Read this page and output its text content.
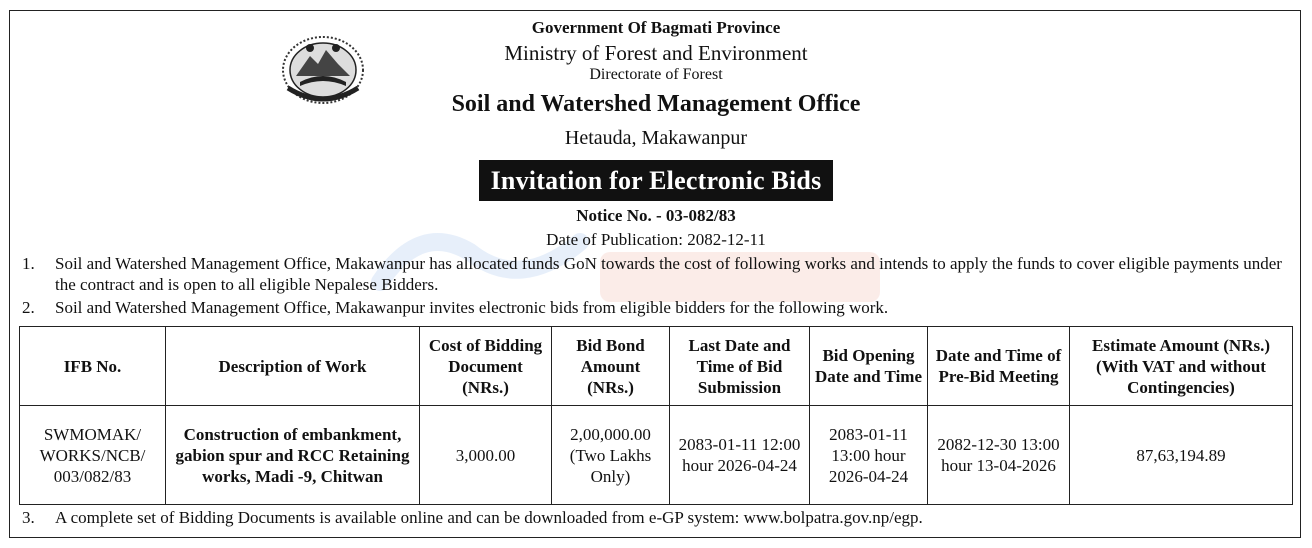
Government Of Bagmati Province
Ministry of Forest and Environment
Directorate of Forest
Soil and Watershed Management Office
Hetauda, Makawanpur
Invitation for Electronic Bids
Notice No. - 03-082/83
Date of Publication: 2082-12-11
1. Soil and Watershed Management Office, Makawanpur has allocated funds GoN towards the cost of following works and intends to apply the funds to cover eligible payments under the contract and is open to all eligible Nepalese Bidders.
2. Soil and Watershed Management Office, Makawanpur invites electronic bids from eligible bidders for the following work.
IFB No.	Description of Work	Cost of Bidding Document (NRs.)	Bid Bond Amount (NRs.)	Last Date and Time of Bid Submission	Bid Opening Date and Time	Date and Time of Pre-Bid Meeting	Estimate Amount (NRs.) (With VAT and without Contingencies)
SWMOMAK/ WORKS/NCB/ 003/082/83	Construction of embankment, gabion spur and RCC Retaining works, Madi -9, Chitwan	3,000.00	2,00,000.00 (Two Lakhs Only)	2083-01-11 12:00 hour 2026-04-24	2083-01-11 13:00 hour 2026-04-24	2082-12-30 13:00 hour 13-04-2026	87,63,194.89
3. A complete set of Bidding Documents is available online and can be downloaded from e-GP system: www.bolpatra.gov.np/egp.
